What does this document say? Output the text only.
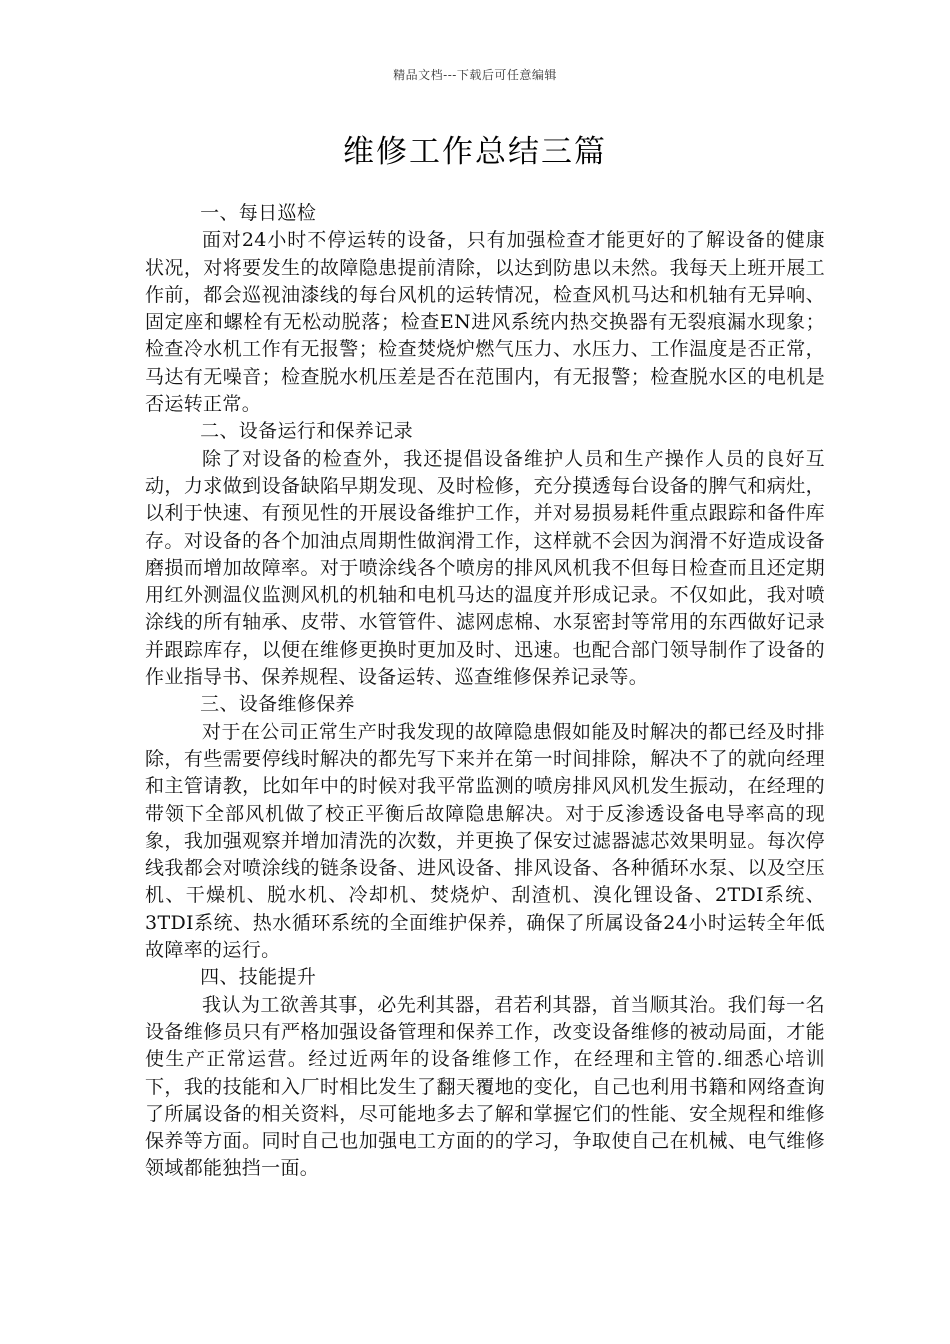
精品文档---下载后可任意编辑
维修工作总结三篇

一、每日巡检

面对24小时不停运转的设备，只有加强检查才能更好的了解设备的健康状况，对将要发生的故障隐患提前清除，以达到防患以未然。我每天上班开展工作前，都会巡视油漆线的每台风机的运转情况，检查风机马达和机轴有无异响、固定座和螺栓有无松动脱落；检查EN进风系统内热交换器有无裂痕漏水现象；检查冷水机工作有无报警；检查焚烧炉燃气压力、水压力、工作温度是否正常，马达有无噪音；检查脱水机压差是否在范围内，有无报警；检查脱水区的电机是否运转正常。

二、设备运行和保养记录

除了对设备的检查外，我还提倡设备维护人员和生产操作人员的良好互动，力求做到设备缺陷早期发现、及时检修，充分摸透每台设备的脾气和病灶，以利于快速、有预见性的开展设备维护工作，并对易损易耗件重点跟踪和备件库存。对设备的各个加油点周期性做润滑工作，这样就不会因为润滑不好造成设备磨损而增加故障率。对于喷涂线各个喷房的排风风机我不但每日检查而且还定期用红外测温仪监测风机的机轴和电机马达的温度并形成记录。不仅如此，我对喷涂线的所有轴承、皮带、水管管件、滤网虑棉、水泵密封等常用的东西做好记录并跟踪库存，以便在维修更换时更加及时、迅速。也配合部门领导制作了设备的作业指导书、保养规程、设备运转、巡查维修保养记录等。

三、设备维修保养

对于在公司正常生产时我发现的故障隐患假如能及时解决的都已经及时排除，有些需要停线时解决的都先写下来并在第一时间排除，解决不了的就向经理和主管请教，比如年中的时候对我平常监测的喷房排风风机发生振动，在经理的带领下全部风机做了校正平衡后故障隐患解决。对于反渗透设备电导率高的现象，我加强观察并增加清洗的次数，并更换了保安过滤器滤芯效果明显。每次停线我都会对喷涂线的链条设备、进风设备、排风设备、各种循环水泵、以及空压机、干燥机、脱水机、冷却机、焚烧炉、刮渣机、溴化锂设备、2TDI系统、3TDI系统、热水循环系统的全面维护保养，确保了所属设备24小时运转全年低故障率的运行。

四、技能提升

我认为工欲善其事，必先利其器，君若利其器，首当顺其治。我们每一名设备维修员只有严格加强设备管理和保养工作，改变设备维修的被动局面，才能使生产正常运营。经过近两年的设备维修工作，在经理和主管的.细悉心培训下，我的技能和入厂时相比发生了翻天覆地的变化，自己也利用书籍和网络查询了所属设备的相关资料，尽可能地多去了解和掌握它们的性能、安全规程和维修保养等方面。同时自己也加强电工方面的的学习，争取使自己在机械、电气维修领域都能独挡一面。
